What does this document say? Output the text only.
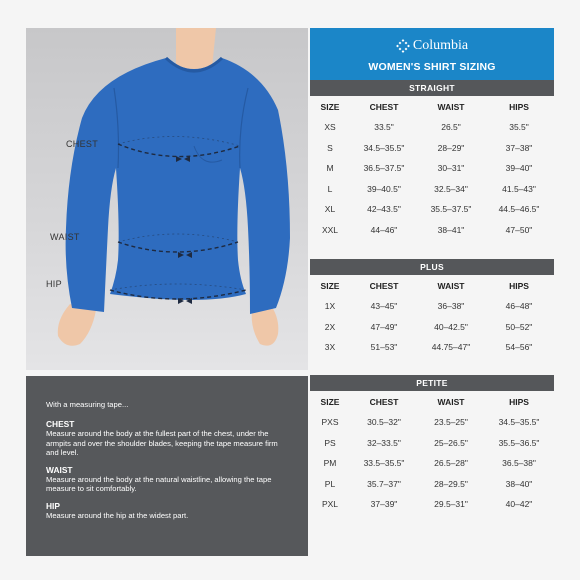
CHEST
WAIST
HIP

With a measuring tape...

CHEST

Measure around the body at the fullest part of the chest, under the armpits and over the shoulder blades, keeping the tape measure firm and level.

WAIST

Measure around the body at the natural waistline, allowing the tape measure to sit comfortably.

HIP

Measure around the hip at the widest part.

Columbia
WOMEN'S SHIRT SIZING
STRAIGHT
SIZE	CHEST	WAIST	HIPS
XS	33.5"	26.5"	35.5"
S	34.5–35.5"	28–29"	37–38"
M	36.5–37.5"	30–31"	39–40"
L	39–40.5"	32.5–34"	41.5–43"
XL	42–43.5"	35.5–37.5"	44.5–46.5"
XXL	44–46"	38–41"	47–50"
PLUS
SIZE	CHEST	WAIST	HIPS
1X	43–45"	36–38"	46–48"
2X	47–49"	40–42.5"	50–52"
3X	51–53"	44.75–47"	54–56"
PETITE
SIZE	CHEST	WAIST	HIPS
PXS	30.5–32"	23.5–25"	34.5–35.5"
PS	32–33.5"	25–26.5"	35.5–36.5"
PM	33.5–35.5"	26.5–28"	36.5–38"
PL	35.7–37"	28–29.5"	38–40"
PXL	37–39"	29.5–31"	40–42"
